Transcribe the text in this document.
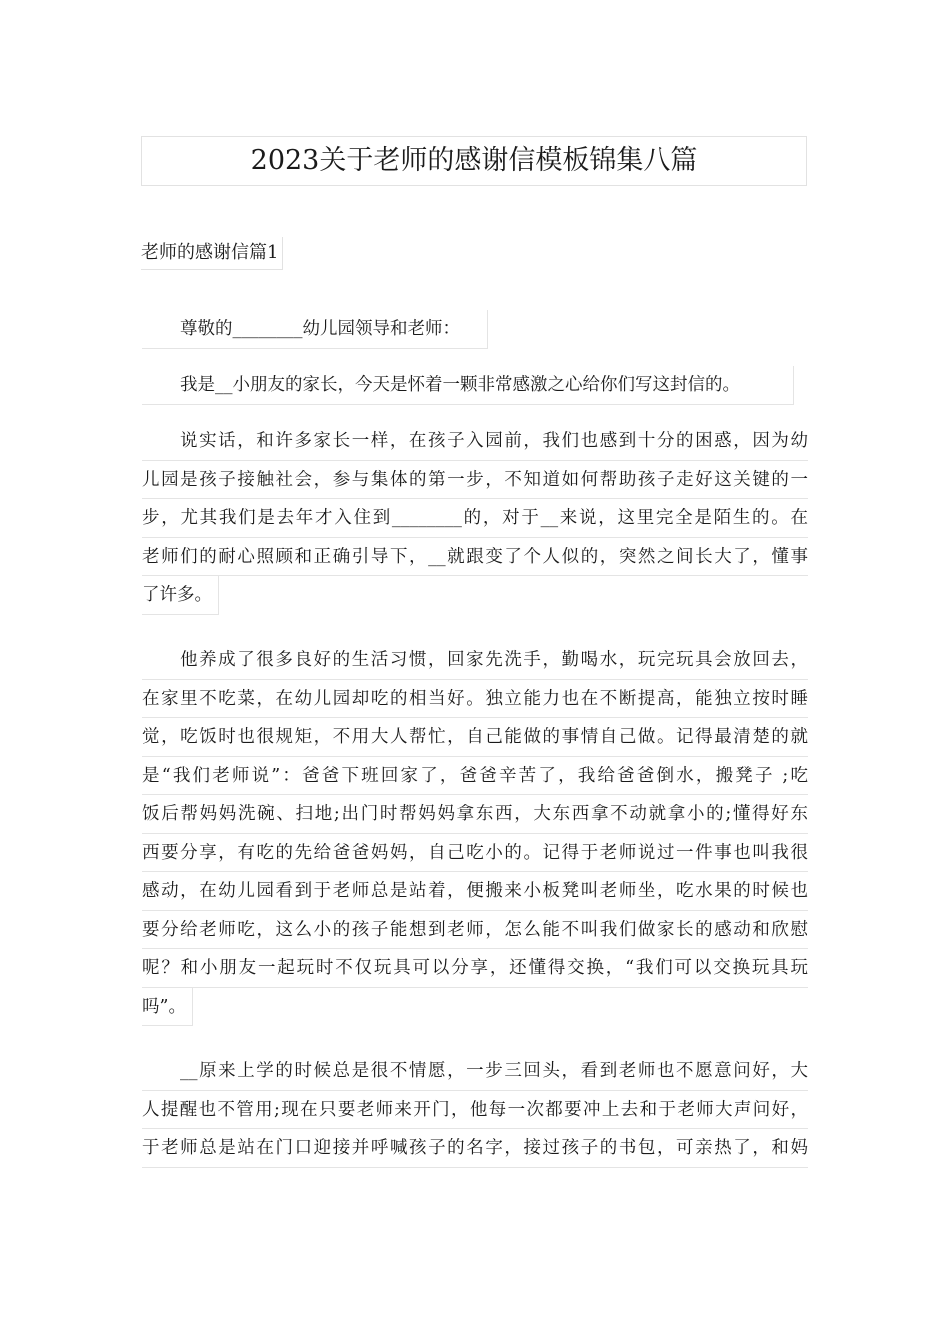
2023关于老师的感谢信模板锦集八篇
老师的感谢信篇1
尊敬的________幼儿园领导和老师：
我是__小朋友的家长，今天是怀着一颗非常感激之心给你们写这封信的。
说实话，和许多家长一样，在孩子入园前，我们也感到十分的困惑，因为幼
儿园是孩子接触社会，参与集体的第一步，不知道如何帮助孩子走好这关键的一
步，尤其我们是去年才入住到________的，对于__来说，这里完全是陌生的。在
老师们的耐心照顾和正确引导下，__就跟变了个人似的，突然之间长大了，懂事
了许多。
他养成了很多良好的生活习惯，回家先洗手，勤喝水，玩完玩具会放回去，
在家里不吃菜，在幼儿园却吃的相当好。独立能力也在不断提高，能独立按时睡
觉，吃饭时也很规矩，不用大人帮忙，自己能做的事情自己做。记得最清楚的就
是“我们老师说”：爸爸下班回家了，爸爸辛苦了，我给爸爸倒水，搬凳子 ;吃
饭后帮妈妈洗碗、扫地;出门时帮妈妈拿东西，大东西拿不动就拿小的;懂得好东
西要分享，有吃的先给爸爸妈妈，自己吃小的。记得于老师说过一件事也叫我很
感动，在幼儿园看到于老师总是站着，便搬来小板凳叫老师坐，吃水果的时候也
要分给老师吃，这么小的孩子能想到老师，怎么能不叫我们做家长的感动和欣慰
呢？和小朋友一起玩时不仅玩具可以分享，还懂得交换，“我们可以交换玩具玩
吗”。
__原来上学的时候总是很不情愿，一步三回头，看到老师也不愿意问好，大
人提醒也不管用;现在只要老师来开门，他每一次都要冲上去和于老师大声问好，
于老师总是站在门口迎接并呼喊孩子的名字，接过孩子的书包，可亲热了，和妈
